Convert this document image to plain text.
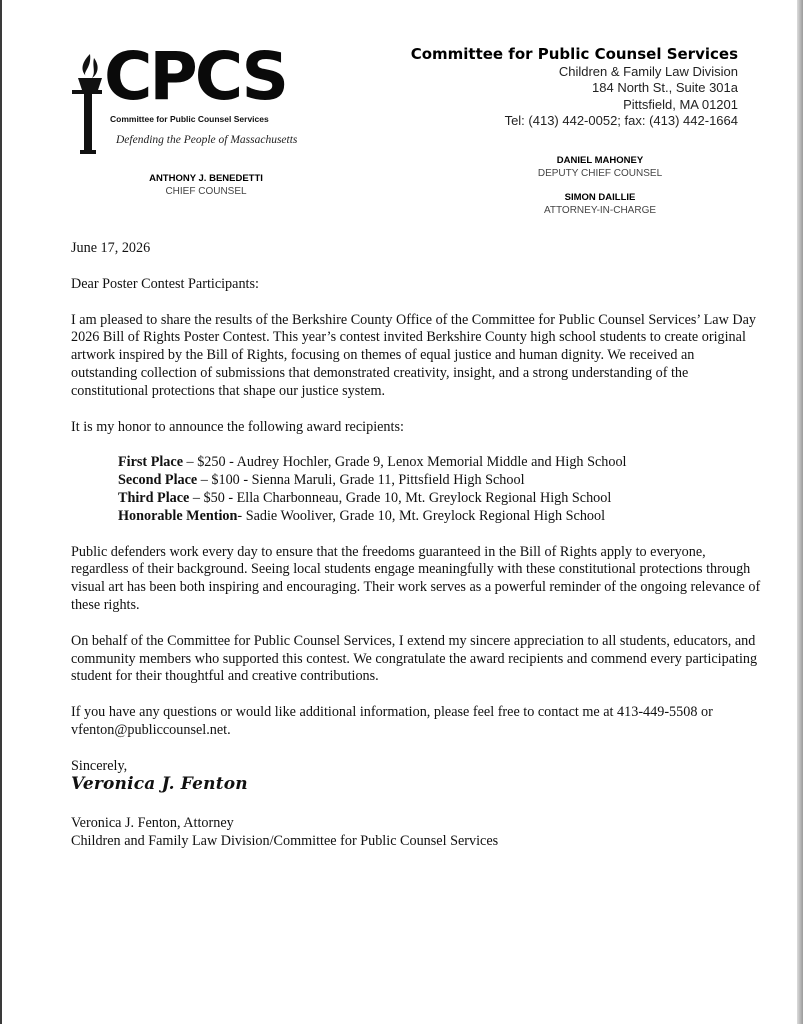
CPCS
Committee for Public Counsel Services
Defending the People of Massachusetts
Committee for Public Counsel Services
Children & Family Law Division
184 North St., Suite 301a
Pittsfield, MA 01201
Tel: (413) 442-0052; fax: (413) 442-1664
ANTHONY J. BENEDETTI
CHIEF COUNSEL
DANIEL MAHONEY
DEPUTY CHIEF COUNSEL
SIMON DAILLIE
ATTORNEY-IN-CHARGE

June 17, 2026

Dear Poster Contest Participants:

I am pleased to share the results of the Berkshire County Office of the Committee for Public Counsel Services’ Law Day 2026 Bill of Rights Poster Contest. This year’s contest invited Berkshire County high school students to create original artwork inspired by the Bill of Rights, focusing on themes of equal justice and human dignity. We received an outstanding collection of submissions that demonstrated creativity, insight, and a strong understanding of the constitutional protections that shape our justice system.

It is my honor to announce the following award recipients:

First Place – $250 - Audrey Hochler, Grade 9, Lenox Memorial Middle and High School

Second Place – $100 - Sienna Maruli, Grade 11, Pittsfield High School

Third Place – $50 - Ella Charbonneau, Grade 10, Mt. Greylock Regional High School

Honorable Mention- Sadie Wooliver, Grade 10, Mt. Greylock Regional High School

Public defenders work every day to ensure that the freedoms guaranteed in the Bill of Rights apply to everyone, regardless of their background. Seeing local students engage meaningfully with these constitutional protections through visual art has been both inspiring and encouraging. Their work serves as a powerful reminder of the ongoing relevance of these rights.

On behalf of the Committee for Public Counsel Services, I extend my sincere appreciation to all students, educators, and community members who supported this contest. We congratulate the award recipients and commend every participating student for their thoughtful and creative contributions.

If you have any questions or would like additional information, please feel free to contact me at 413-449-5508 or vfenton@publiccounsel.net.

Sincerely,

Veronica J. Fenton

Veronica J. Fenton, Attorney

Children and Family Law Division/Committee for Public Counsel Services
